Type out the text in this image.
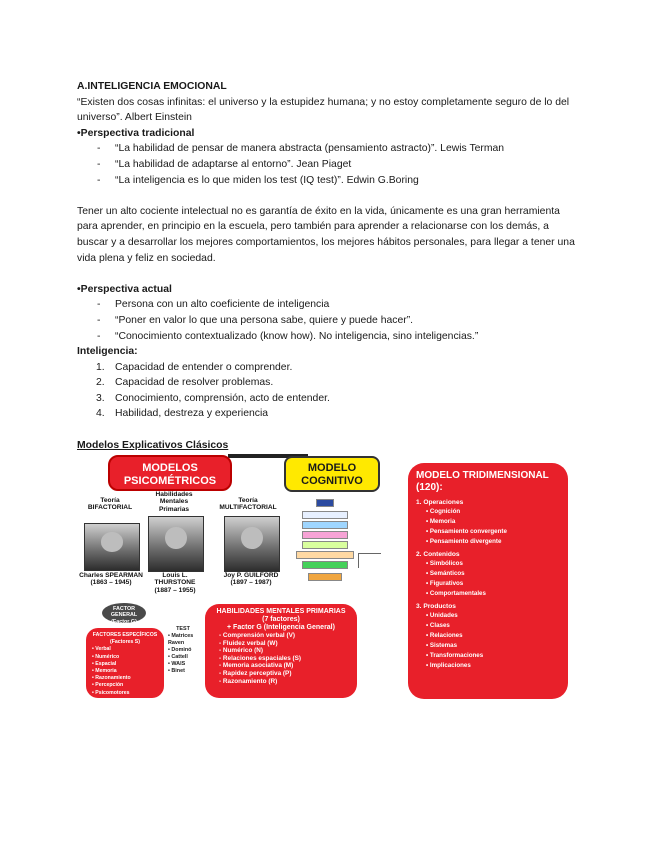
A.INTELIGENCIA EMOCIONAL

“Existen dos cosas infinitas: el universo y la estupidez humana; y no estoy completamente seguro de lo del universo”. Albert Einstein

•Perspectiva tradicional

- “La habilidad de pensar de manera abstracta (pensamiento astracto)”. Lewis Terman
- “La habilidad de adaptarse al entorno”. Jean Piaget
- “La inteligencia es lo que miden los test (IQ test)”. Edwin G.Boring

Tener un alto cociente intelectual no es garantía de éxito en la vida, únicamente es una gran herramienta para aprender, en principio en la escuela, pero también para aprender a relacionarse con los demás, a buscar y a desarrollar los mejores comportamientos, los mejores hábitos personales, para llegar a tener una vida plena y feliz en sociedad.

•Perspectiva actual

- Persona con un alto coeficiente de inteligencia
- “Poner en valor lo que una persona sabe, quiere y puede hacer”.
- “Conocimiento contextualizado (know how). No inteligencia, sino inteligencias.”

Inteligencia:

1. Capacidad de entender o comprender.
2. Capacidad de resolver problemas.
3. Conocimiento, comprensión, acto de entender.
4. Habilidad, destreza y experiencia

Modelos Explicativos Clásicos

MODELOS PSICOMÉTRICOS
MODELO COGNITIVO
Teoría BIFACTORIAL
Habilidades Mentales Primarias
Teoría MULTIFACTORIAL
Charles SPEARMAN
(1863 – 1945)
Louis L. THURSTONE
(1887 – 1955)
Joy P. GUILFORD
(1897 – 1987)
FACTOR GENERAL (Factor G)
FACTORES ESPECÍFICOS (Factores S)
• Verbal
• Numérico
• Espacial
• Memoria
• Razonamiento
• Percepción
• Psicomotores
TEST
• Matrices Raven
• Dominó
• Cattell
• WAIS
• Binet
HABILIDADES MENTALES PRIMARIAS (7 factores)
+ Factor G (Inteligencia General)
- Comprensión verbal (V)
- Fluidez verbal (W)
- Numérico (N)
- Relaciones espaciales (S)
- Memoria asociativa (M)
- Rapidez perceptiva (P)
- Razonamiento (R)
MODELO TRIDIMENSIONAL (120):
1. Operaciones
• Cognición
• Memoria
• Pensamiento convergente
• Pensamiento divergente
2. Contenidos
• Simbólicos
• Semánticos
• Figurativos
• Comportamentales
3. Productos
• Unidades
• Clases
• Relaciones
• Sistemas
• Transformaciones
• Implicaciones
